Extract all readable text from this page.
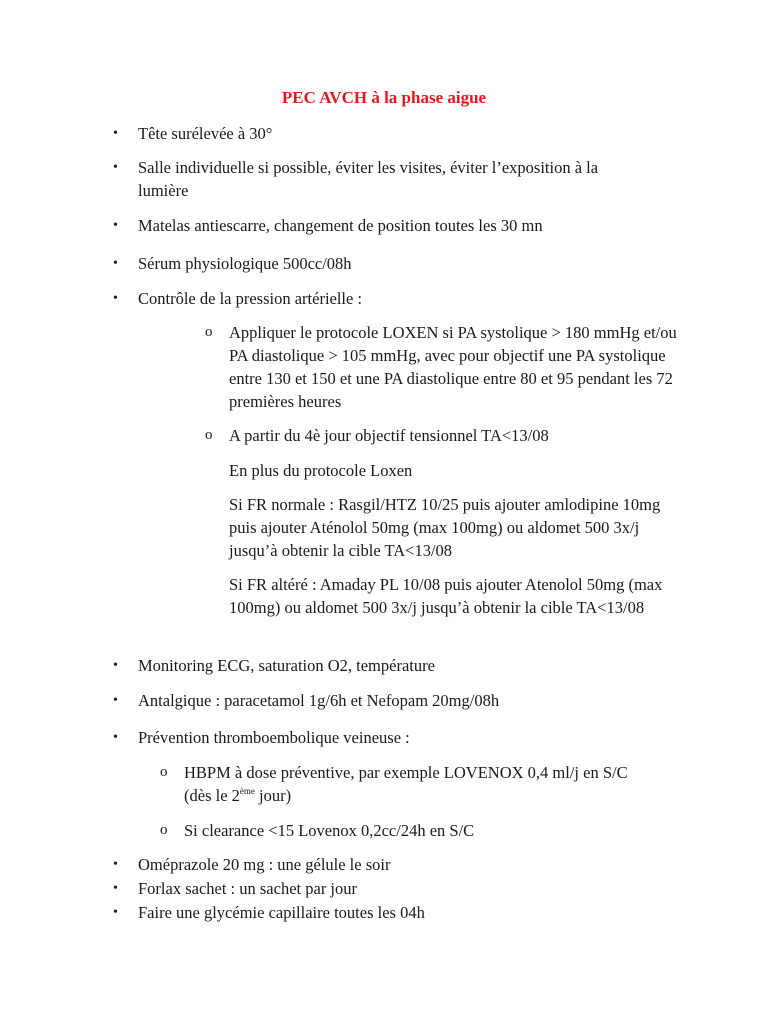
PEC AVCH à la phase aigue
•	Tête surélevée à 30°
•	Salle individuelle si possible, éviter les visites, éviter l’exposition à la lumière
•	Matelas antiescarre, changement de position toutes les 30 mn
•	Sérum physiologique 500cc/08h
•	Contrôle de la pression artérielle :
o Appliquer le protocole LOXEN si PA systolique > 180 mmHg et/ou PA diastolique > 105 mmHg, avec pour objectif une PA systolique entre 130 et 150 et une PA diastolique entre 80 et 95 pendant les 72 premières heures
o A partir du 4è jour objectif tensionnel TA<13/08
En plus du protocole Loxen
Si FR normale : Rasgil/HTZ 10/25 puis ajouter amlodipine 10mg puis ajouter Aténolol 50mg (max 100mg) ou aldomet 500 3x/j jusqu’à obtenir la cible TA<13/08
Si FR altéré : Amaday PL 10/08 puis ajouter Atenolol 50mg (max 100mg) ou aldomet 500 3x/j jusqu’à obtenir la cible TA<13/08
•	Monitoring ECG, saturation O2, température
•	Antalgique : paracetamol 1g/6h et Nefopam 20mg/08h
•	Prévention thromboembolique veineuse :
o HBPM à dose préventive, par exemple LOVENOX 0,4 ml/j en S/C
(dès le 2ème jour)
o Si clearance <15 Lovenox 0,2cc/24h en S/C
•	Oméprazole 20 mg : une gélule le soir
•	Forlax sachet : un sachet par jour
•	Faire une glycémie capillaire toutes les 04h
